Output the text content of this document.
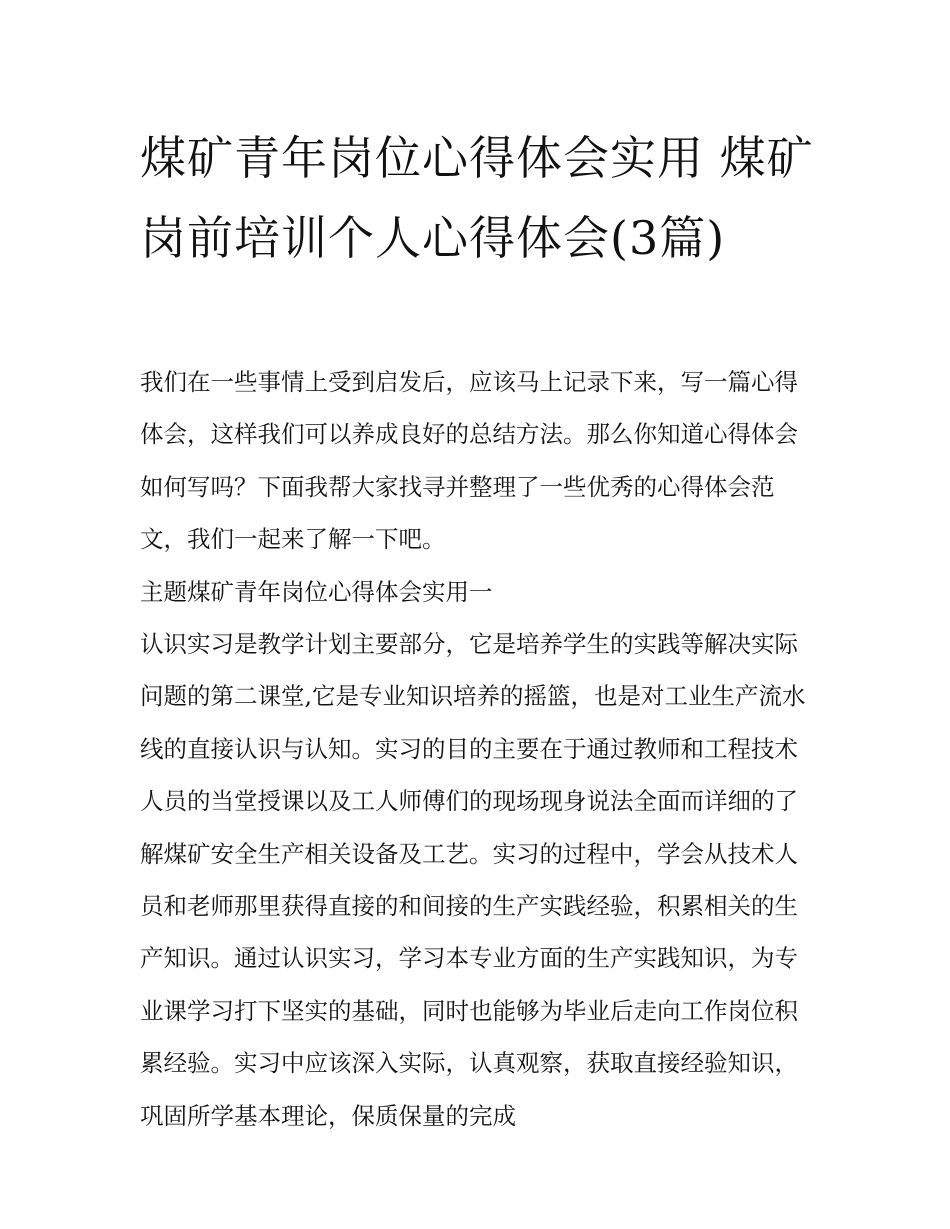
煤矿青年岗位心得体会实用 煤矿岗前培训个人心得体会(3篇)

我们在一些事情上受到启发后，应该马上记录下来，写一篇心得体会，这样我们可以养成良好的总结方法。那么你知道心得体会如何写吗？下面我帮大家找寻并整理了一些优秀的心得体会范文，我们一起来了解一下吧。

主题煤矿青年岗位心得体会实用一

认识实习是教学计划主要部分，它是培养学生的实践等解决实际问题的第二课堂,它是专业知识培养的摇篮，也是对工业生产流水线的直接认识与认知。实习的目的主要在于通过教师和工程技术人员的当堂授课以及工人师傅们的现场现身说法全面而详细的了解煤矿安全生产相关设备及工艺。实习的过程中，学会从技术人员和老师那里获得直接的和间接的生产实践经验，积累相关的生产知识。通过认识实习，学习本专业方面的生产实践知识，为专业课学习打下坚实的基础，同时也能够为毕业后走向工作岗位积累经验。实习中应该深入实际，认真观察，获取直接经验知识，巩固所学基本理论，保质保量的完成
